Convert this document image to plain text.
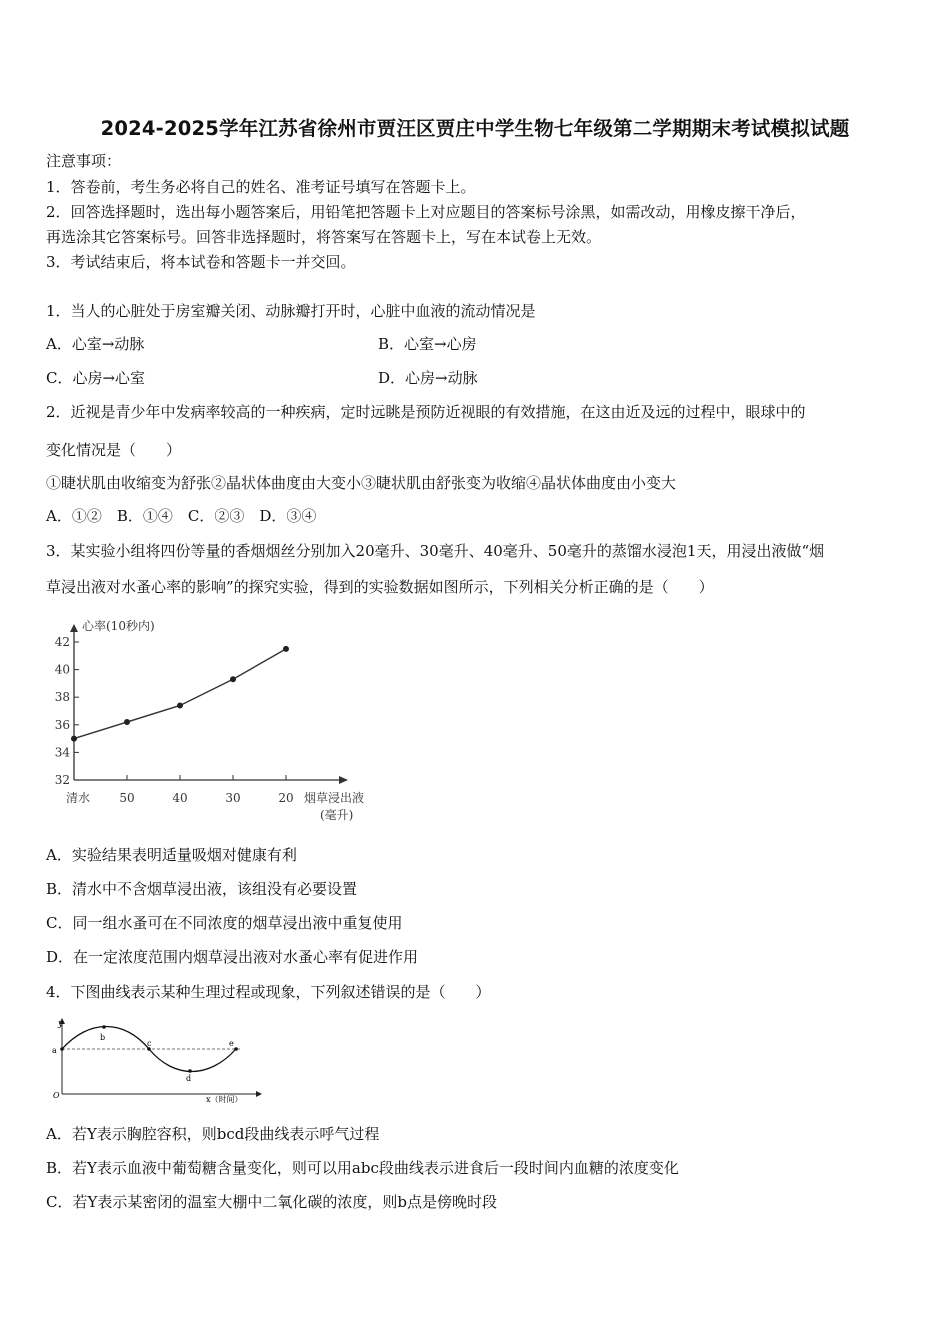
2024-2025学年江苏省徐州市贾汪区贾庄中学生物七年级第二学期期末考试模拟试题
注意事项：
1．答卷前，考生务必将自己的姓名、准考证号填写在答题卡上。
2．回答选择题时，选出每小题答案后，用铅笔把答题卡上对应题目的答案标号涂黑，如需改动，用橡皮擦干净后，
再选涂其它答案标号。回答非选择题时，将答案写在答题卡上，写在本试卷上无效。
3．考试结束后，将本试卷和答题卡一并交回。
1．当人的心脏处于房室瓣关闭、动脉瓣打开时，心脏中血液的流动情况是
A．心室→动脉	B．心室→心房
C．心房→心室	D．心房→动脉
2．近视是青少年中发病率较高的一种疾病，定时远眺是预防近视眼的有效措施，在这由近及远的过程中，眼球中的
变化情况是（　　）
①睫状肌由收缩变为舒张②晶状体曲度由大变小③睫状肌由舒张变为收缩④晶状体曲度由小变大
A．①②　B．①④　C．②③　D．③④
3．某实验小组将四份等量的香烟烟丝分别加入20毫升、30毫升、40毫升、50毫升的蒸馏水浸泡1天，用浸出液做“烟
草浸出液对水蚤心率的影响”的探究实验，得到的实验数据如图所示，下列相关分析正确的是（　　）
心率(10秒内)
32
34
36
38
40
42
清水 50	40	30	20 烟草浸出液
(毫升)
A．实验结果表明适量吸烟对健康有利
B．清水中不含烟草浸出液，该组没有必要设置
C．同一组水蚤可在不同浓度的烟草浸出液中重复使用
D．在一定浓度范围内烟草浸出液对水蚤心率有促进作用
4．下图曲线表示某种生理过程或现象，下列叙述错误的是（　　）
y
a
b
c
d
e
O	x（时间）
A．若Y表示胸腔容积，则bcd段曲线表示呼气过程
B．若Y表示血液中葡萄糖含量变化，则可以用abc段曲线表示进食后一段时间内血糖的浓度变化
C．若Y表示某密闭的温室大棚中二氧化碳的浓度，则b点是傍晚时段
